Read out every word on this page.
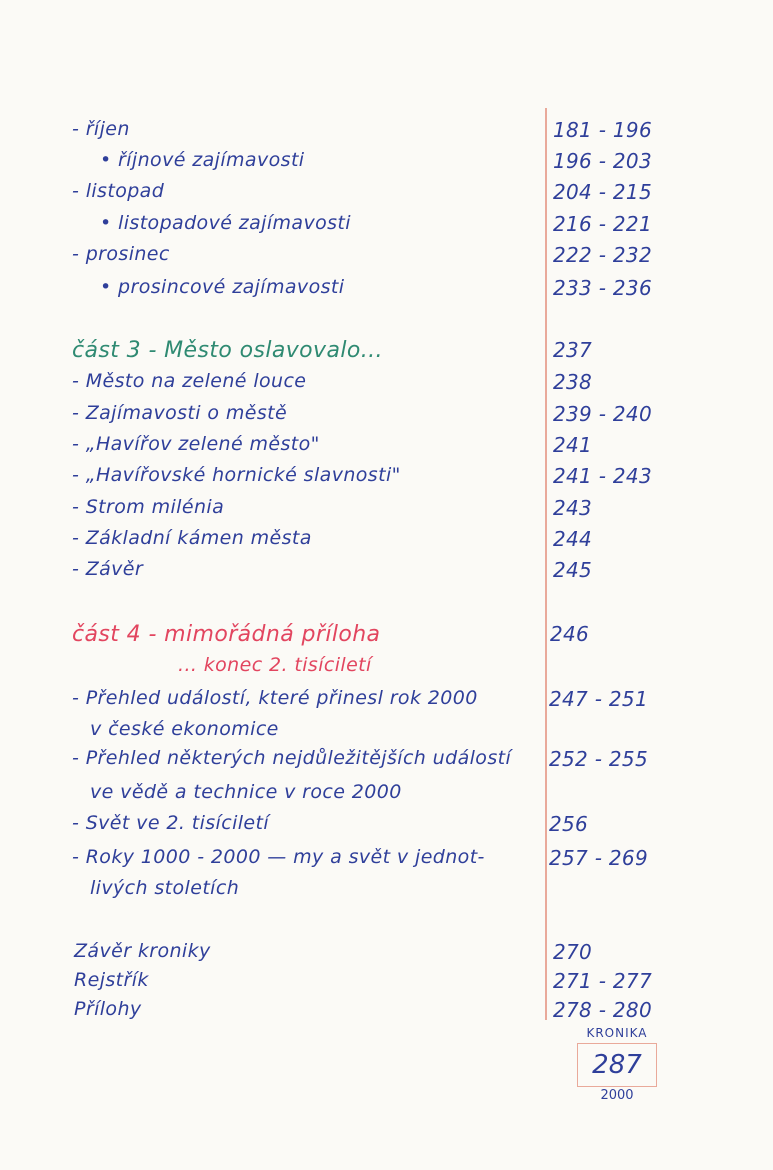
- říjen	181 - 196
• říjnové zajímavosti	196 - 203
- listopad	204 - 215
• listopadové zajímavosti	216 - 221
- prosinec	222 - 232
• prosincové zajímavosti	233 - 236
část 3 - Město oslavovalo...	237
- Město na zelené louce	238
- Zajímavosti o městě	239 - 240
- „Havířov zelené město"	241
- „Havířovské hornické slavnosti"	241 - 243
- Strom milénia	243
- Základní kámen města	244
- Závěr	245
část 4 - mimořádná příloha	246
... konec 2. tisíciletí
- Přehled událostí, které přinesl rok 2000	247 - 251
v české ekonomice
- Přehled některých nejdůležitějších událostí 252 - 255
ve vědě a technice v roce 2000
- Svět ve 2. tisíciletí	256
- Roky 1000 - 2000 — my a svět v jednot-	257 - 269
livých stoletích
Závěr kroniky	270
Rejstřík	271 - 277
Přílohy	278 - 280
KRONIKA
287
2000
